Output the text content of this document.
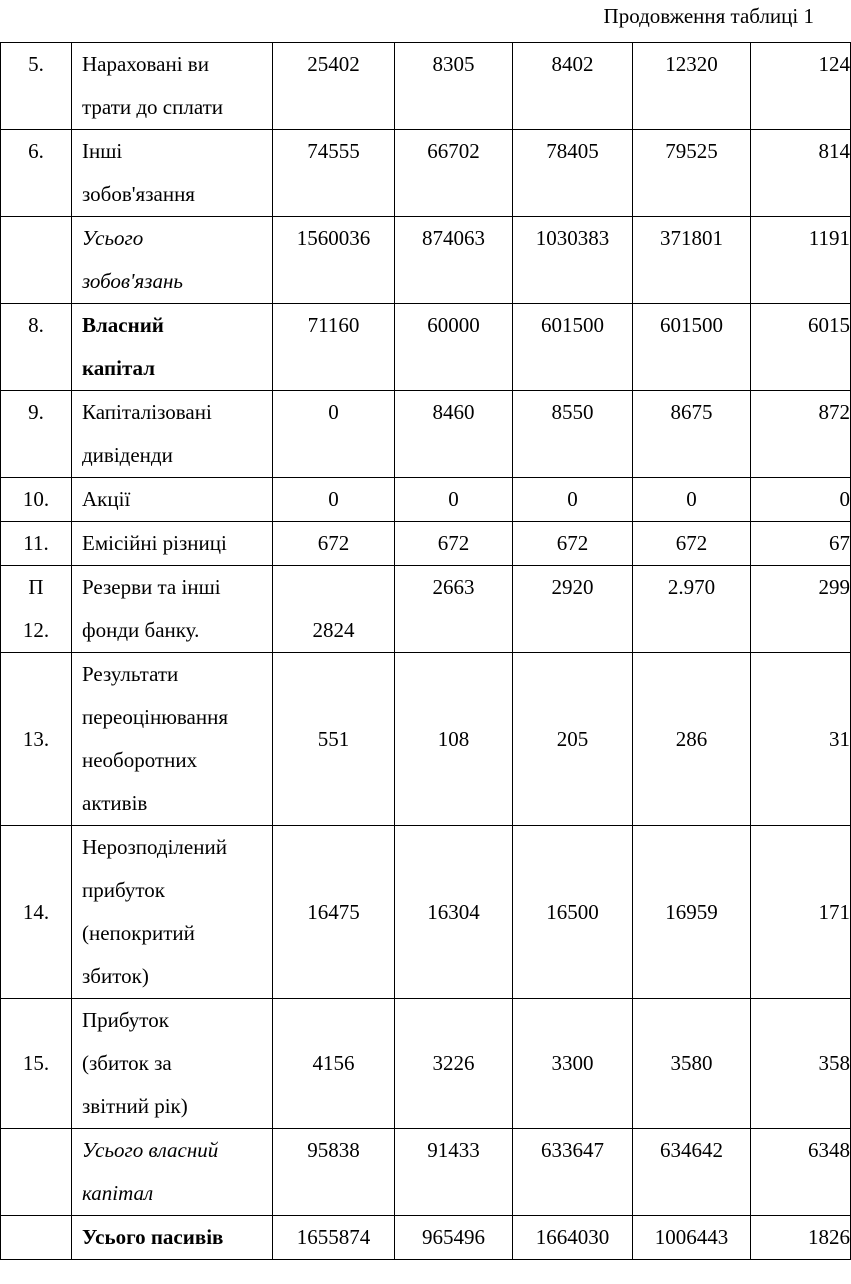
Продовження таблиці 1
5.	Нараховані ви
трати до сплати	25402	8305	8402	12320	124
6.	Інші
зобов'язання	74555	66702	78405	79525	814

	Усього
зобов'язань	1560036	874063	1030383	371801	1191
8.	Власний
капітал	71160	60000	601500	601500	6015
9.	Капіталізовані
дивіденди	0	8460	8550	8675	872
10.	Акції	0	0	0	0	0
11.	Емісійні різниці	672	672	672	672	67

П
12.	Резерви та інші
фонди банку.	2824	2663	2920	2.970	299
13.	Результати
переоцінювання
необоротних
активів	551	108	205	286	31
14.	Нерозподілений
прибуток
(непокритий
збиток)	16475	16304	16500	16959	171
15.	Прибуток
(збиток за
звітний рік)	4156	3226	3300	3580	358

	Усього власний
капітал	95838	91433	633647	634642	6348

	Усього пасивів	1655874	965496	1664030	1006443	1826
